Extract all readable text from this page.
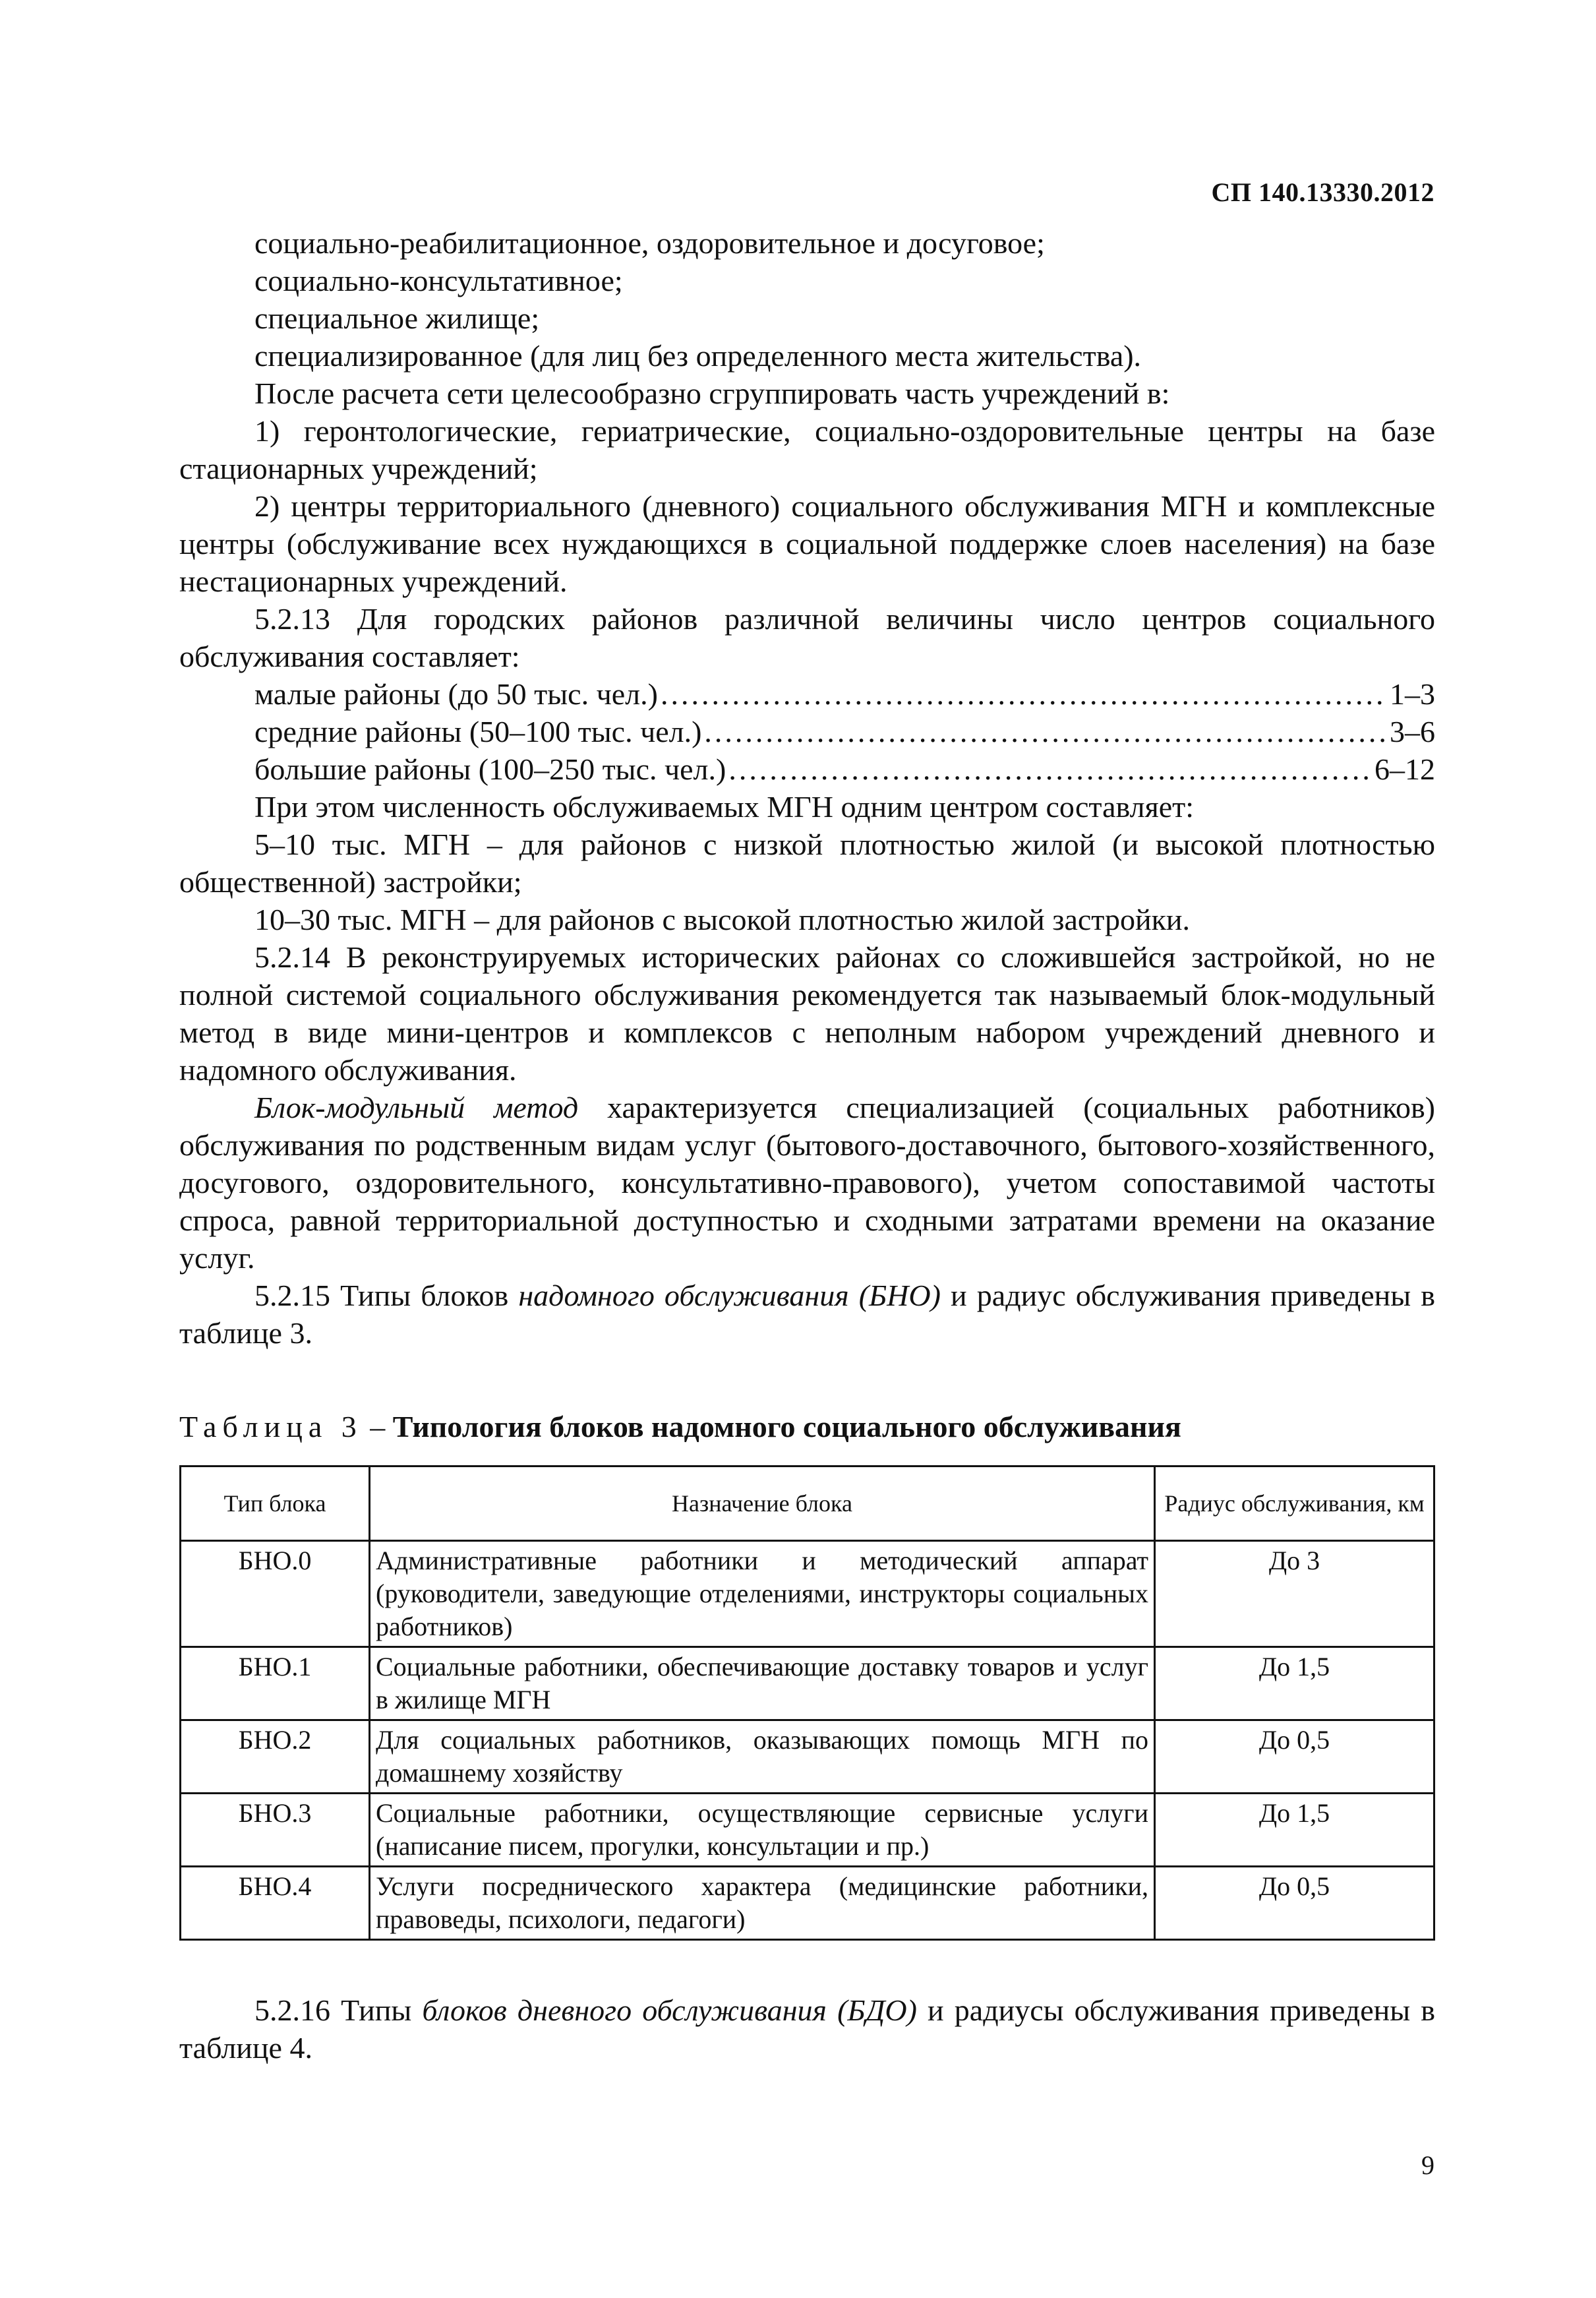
СП 140.13330.2012

социально-реабилитационное, оздоровительное и досуговое;

социально-консультативное;

специальное жилище;

специализированное (для лиц без определенного места жительства).

После расчета сети целесообразно сгруппировать часть учреждений в:

1) геронтологические, гериатрические, социально-оздоровительные центры на базе стационарных учреждений;

2) центры территориального (дневного) социального обслуживания МГН и комплексные центры (обслуживание всех нуждающихся в социальной поддержке слоев населения) на базе нестационарных учреждений.

5.2.13 Для городских районов различной величины число центров социального обслуживания составляет:

малые районы (до 50 тыс. чел.) .....	1–3
средние районы (50–100 тыс. чел.) .....	3–6
большие районы (100–250 тыс. чел.) .....	6–12

При этом численность обслуживаемых МГН одним центром составляет:

5–10 тыс. МГН – для районов с низкой плотностью жилой (и высокой плотностью общественной) застройки;

10–30 тыс. МГН – для районов с высокой плотностью жилой застройки.

5.2.14 В реконструируемых исторических районах со сложившейся застройкой, но не полной системой социального обслуживания рекомендуется так называемый блок-модульный метод в виде мини-центров и комплексов с неполным набором учреждений дневного и надомного обслуживания.

Блок-модульный метод характеризуется специализацией (социальных работников) обслуживания по родственным видам услуг (бытового-доставочного, бытового-хозяйственного, досугового, оздоровительного, консультативно-правового), учетом сопоставимой частоты спроса, равной территориальной доступностью и сходными затратами времени на оказание услуг.

5.2.15 Типы блоков надомного обслуживания (БНО) и радиус обслуживания приведены в таблице 3.

Таблица 3 – Типология блоков надомного социального обслуживания
Тип блока	Назначение блока	Радиус обслуживания, км
БНО.0	Административные работники и методический аппарат (руководители, заведующие отделениями, инструкторы социальных работников)	До 3
БНО.1	Социальные работники, обеспечивающие доставку товаров и услуг в жилище МГН	До 1,5
БНО.2	Для социальных работников, оказывающих помощь МГН по домашнему хозяйству	До 0,5
БНО.3	Социальные работники, осуществляющие сервисные услуги (написание писем, прогулки, консультации и пр.)	До 1,5
БНО.4	Услуги посреднического характера (медицинские работники, правоведы, психологи, педагоги)	До 0,5

5.2.16 Типы блоков дневного обслуживания (БДО) и радиусы обслуживания приведены в таблице 4.

9
